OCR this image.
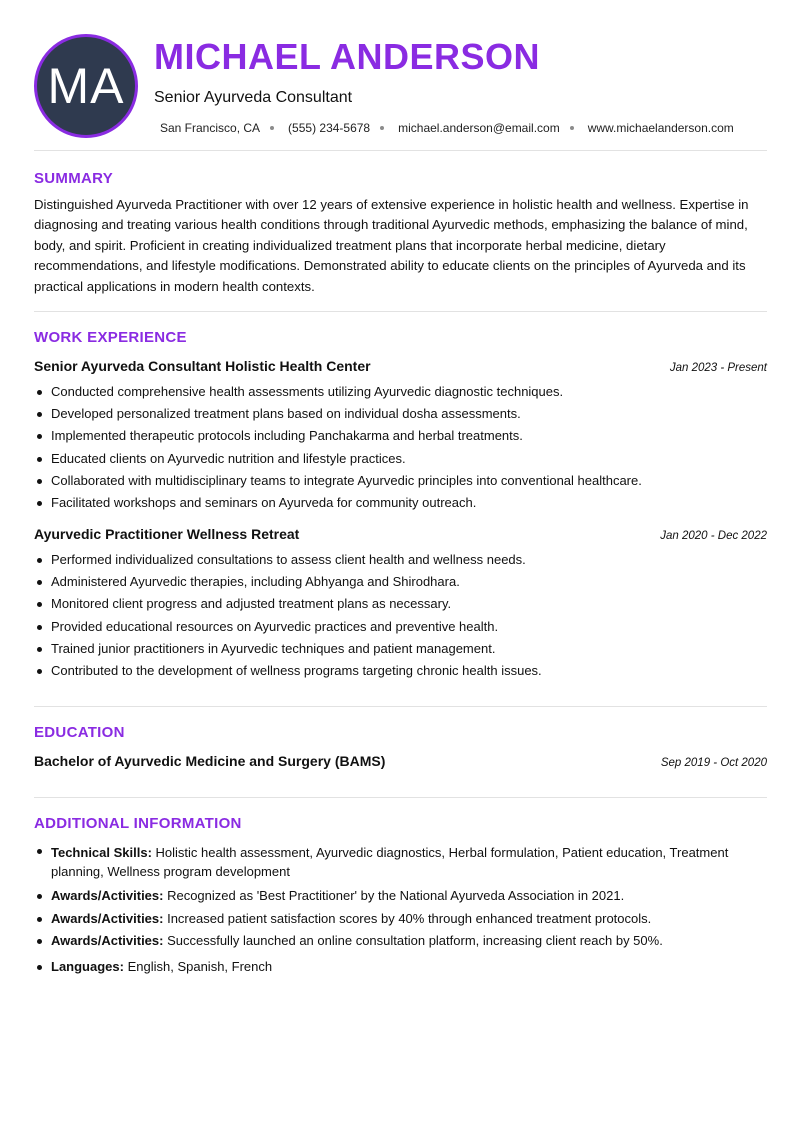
MA
MICHAEL ANDERSON
Senior Ayurveda Consultant
San Francisco, CA (555) 234-5678 michael.anderson@email.com www.michaelanderson.com
SUMMARY
Distinguished Ayurveda Practitioner with over 12 years of extensive experience in holistic health and wellness. Expertise in diagnosing and treating various health conditions through traditional Ayurvedic methods, emphasizing the balance of mind, body, and spirit. Proficient in creating individualized treatment plans that incorporate herbal medicine, dietary recommendations, and lifestyle modifications. Demonstrated ability to educate clients on the principles of Ayurveda and its practical applications in modern health contexts.
WORK EXPERIENCE
Senior Ayurveda Consultant Holistic Health Center	Jan 2023 - Present
Conducted comprehensive health assessments utilizing Ayurvedic diagnostic techniques.
Developed personalized treatment plans based on individual dosha assessments.
Implemented therapeutic protocols including Panchakarma and herbal treatments.
Educated clients on Ayurvedic nutrition and lifestyle practices.
Collaborated with multidisciplinary teams to integrate Ayurvedic principles into conventional healthcare.
Facilitated workshops and seminars on Ayurveda for community outreach.
Ayurvedic Practitioner Wellness Retreat	Jan 2020 - Dec 2022
Performed individualized consultations to assess client health and wellness needs.
Administered Ayurvedic therapies, including Abhyanga and Shirodhara.
Monitored client progress and adjusted treatment plans as necessary.
Provided educational resources on Ayurvedic practices and preventive health.
Trained junior practitioners in Ayurvedic techniques and patient management.
Contributed to the development of wellness programs targeting chronic health issues.
EDUCATION
Bachelor of Ayurvedic Medicine and Surgery (BAMS)	Sep 2019 - Oct 2020
ADDITIONAL INFORMATION
Technical Skills: Holistic health assessment, Ayurvedic diagnostics, Herbal formulation, Patient education, Treatment planning, Wellness program development
Awards/Activities: Recognized as 'Best Practitioner' by the National Ayurveda Association in 2021.
Awards/Activities: Increased patient satisfaction scores by 40% through enhanced treatment protocols.
Awards/Activities: Successfully launched an online consultation platform, increasing client reach by 50%.
Languages: English, Spanish, French
